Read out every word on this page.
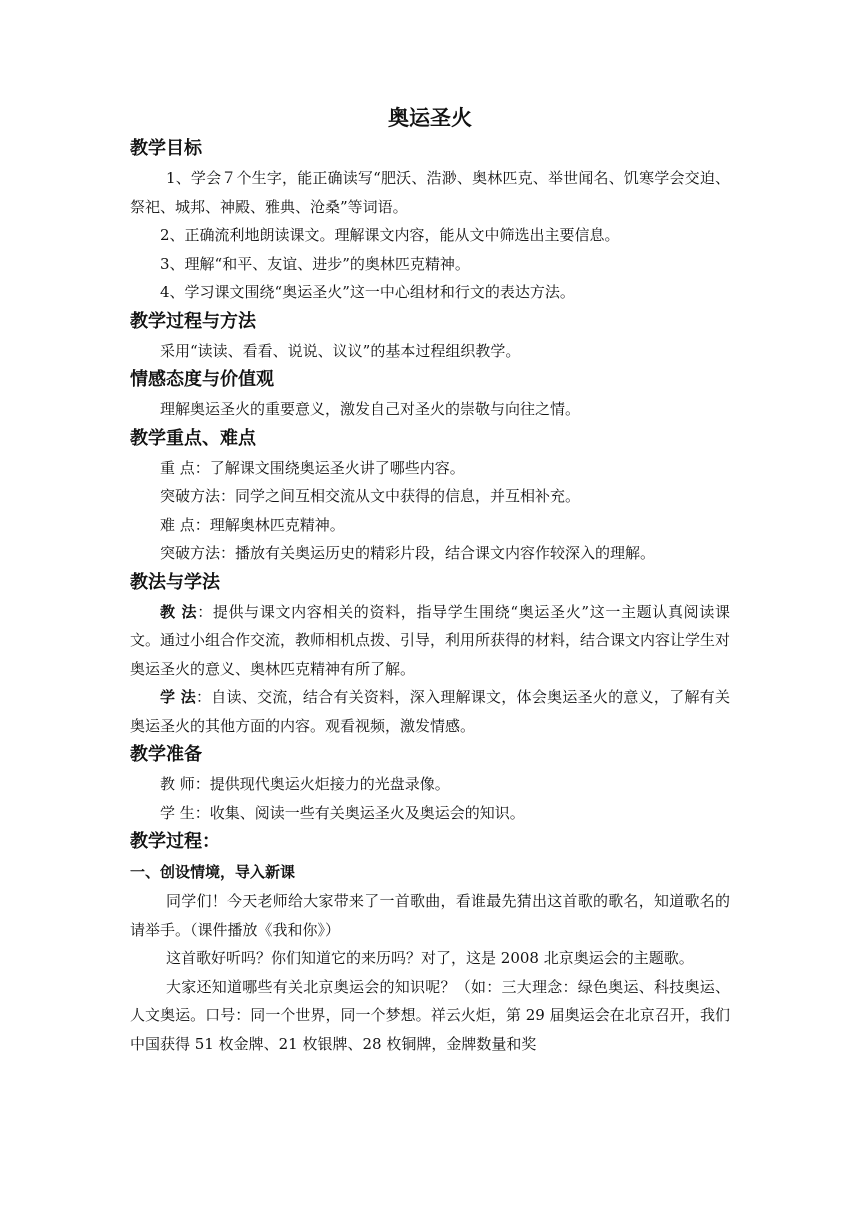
奥运圣火
教学目标

1、学会７个生字，能正确读写“肥沃、浩渺、奥林匹克、举世闻名、饥寒学会交迫、祭祀、城邦、神殿、雅典、沧桑”等词语。

2、正确流利地朗读课文。理解课文内容，能从文中筛选出主要信息。

3、理解“和平、友谊、进步”的奥林匹克精神。

4、学习课文围绕“奥运圣火”这一中心组材和行文的表达方法。

教学过程与方法

采用“读读、看看、说说、议议”的基本过程组织教学。

情感态度与价值观

理解奥运圣火的重要意义，激发自己对圣火的崇敬与向往之情。

教学重点、难点

重 点：了解课文围绕奥运圣火讲了哪些内容。

突破方法：同学之间互相交流从文中获得的信息，并互相补充。

难 点：理解奥林匹克精神。

突破方法：播放有关奥运历史的精彩片段，结合课文内容作较深入的理解。

教法与学法

教 法：提供与课文内容相关的资料，指导学生围绕“奥运圣火”这一主题认真阅读课文。通过小组合作交流，教师相机点拨、引导，利用所获得的材料，结合课文内容让学生对奥运圣火的意义、奥林匹克精神有所了解。

学 法：自读、交流，结合有关资料，深入理解课文，体会奥运圣火的意义，了解有关奥运圣火的其他方面的内容。观看视频，激发情感。

教学准备

教 师：提供现代奥运火炬接力的光盘录像。

学 生：收集、阅读一些有关奥运圣火及奥运会的知识。

教学过程：
一、创设情境，导入新课

同学们！今天老师给大家带来了一首歌曲，看谁最先猜出这首歌的歌名，知道歌名的请举手。（课件播放《我和你》）

这首歌好听吗？你们知道它的来历吗？对了，这是 2008 北京奥运会的主题歌。

大家还知道哪些有关北京奥运会的知识呢？（如：三大理念：绿色奥运、科技奥运、人文奥运。口号：同一个世界，同一个梦想。祥云火炬，第 29 届奥运会在北京召开，我们中国获得 51 枚金牌、21 枚银牌、28 枚铜牌，金牌数量和奖
